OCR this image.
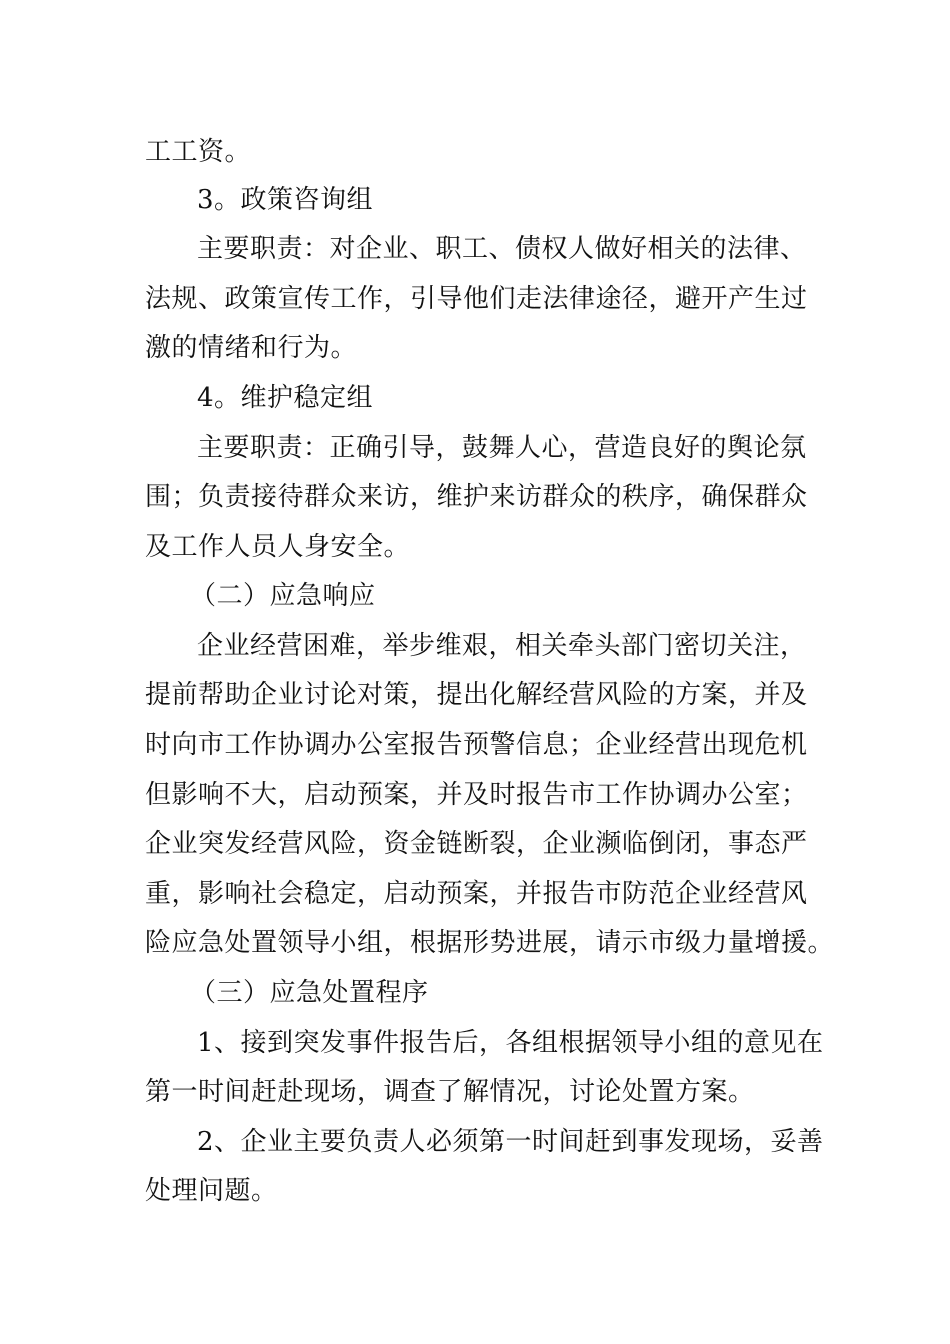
工工资。
3。政策咨询组
主要职责：对企业、职工、债权人做好相关的法律、
法规、政策宣传工作，引导他们走法律途径，避开产生过
激的情绪和行为。
4。维护稳定组
主要职责：正确引导，鼓舞人心，营造良好的舆论氛
围；负责接待群众来访，维护来访群众的秩序，确保群众
及工作人员人身安全。
（二）应急响应
企业经营困难，举步维艰，相关牵头部门密切关注，
提前帮助企业讨论对策，提出化解经营风险的方案，并及
时向市工作协调办公室报告预警信息；企业经营出现危机
但影响不大，启动预案，并及时报告市工作协调办公室；
企业突发经营风险，资金链断裂，企业濒临倒闭，事态严
重，影响社会稳定，启动预案，并报告市防范企业经营风
险应急处置领导小组，根据形势进展，请示市级力量增援。
（三）应急处置程序
1、接到突发事件报告后，各组根据领导小组的意见在
第一时间赶赴现场，调查了解情况，讨论处置方案。
2、企业主要负责人必须第一时间赶到事发现场，妥善
处理问题。
